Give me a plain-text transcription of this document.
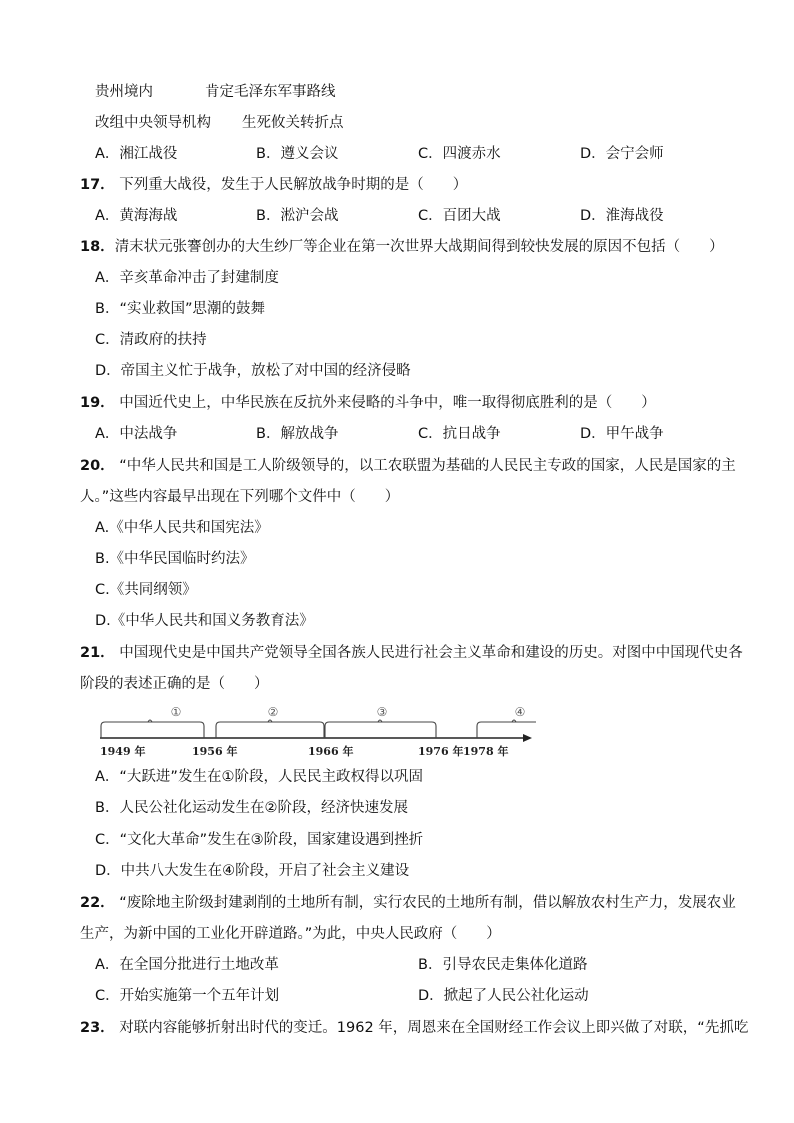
贵州境内	肯定毛泽东军事路线
改组中央领导机构 生死攸关转折点
A．湘江战役	B．遵义会议	C．四渡赤水	D．会宁会师
17． 下列重大战役，发生于人民解放战争时期的是（　　）
A．黄海海战	B．淞沪会战	C．百团大战	D．淮海战役
18．清末状元张謇创办的大生纱厂等企业在第一次世界大战期间得到较快发展的原因不包括（　　）
A．辛亥革命冲击了封建制度
B．“实业救国”思潮的鼓舞
C．清政府的扶持
D．帝国主义忙于战争，放松了对中国的经济侵略
19． 中国近代史上，中华民族在反抗外来侵略的斗争中，唯一取得彻底胜利的是（　　）
A．中法战争	B．解放战争	C．抗日战争	D．甲午战争
20． “中华人民共和国是工人阶级领导的，以工农联盟为基础的人民民主专政的国家，人民是国家的主
人。”这些内容最早出现在下列哪个文件中（　　）
A.《中华人民共和国宪法》
B.《中华民国临时约法》
C.《共同纲领》
D.《中华人民共和国义务教育法》
21． 中国现代史是中国共产党领导全国各族人民进行社会主义革命和建设的历史。对图中中国现代史各
阶段的表述正确的是（　　）
①	②	③	④
1949 年	1956 年	1966 年	1976 年 1978 年
A．“大跃进”发生在①阶段，人民民主政权得以巩固
B．人民公社化运动发生在②阶段，经济快速发展
C．“文化大革命”发生在③阶段，国家建设遇到挫折
D．中共八大发生在④阶段，开启了社会主义建设
22． “废除地主阶级封建剥削的土地所有制，实行农民的土地所有制，借以解放农村生产力，发展农业
生产，为新中国的工业化开辟道路。”为此，中央人民政府（　　）
A．在全国分批进行土地改革	B．引导农民走集体化道路
C．开始实施第一个五年计划	D．掀起了人民公社化运动
23． 对联内容能够折射出时代的变迁。1962 年，周恩来在全国财经工作会议上即兴做了对联，“先抓吃
